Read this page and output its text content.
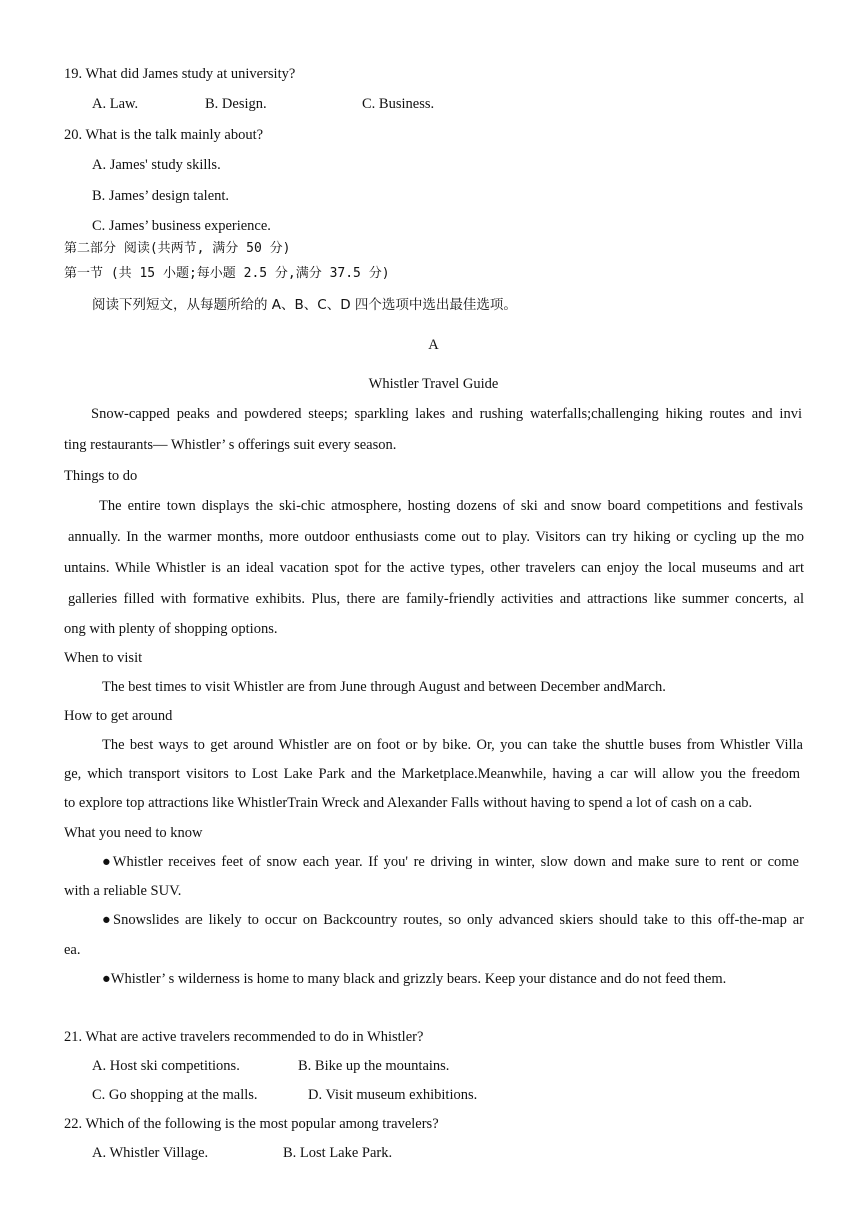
19. What did James study at university?
A. Law.	B. Design.	C. Business.
20. What is the talk mainly about?
A. James' study skills.
B. James’ design talent.
C. James’ business experience.
第二部分 阅读(共两节, 满分 50 分)
第一节 (共 15 小题;每小题 2.5 分,满分 37.5 分)
阅读下列短文，从每题所给的 A、B、C、D 四个选项中选出最佳选项。
A
Whistler Travel Guide
Snow-capped peaks and powdered steeps; sparkling lakes and rushing waterfalls;challenging hiking routes and invi
ting restaurants— Whistler’ s offerings suit every season.
Things to do
The entire town displays the ski-chic atmosphere, hosting dozens of ski and snow board competitions and festivals
annually. In the warmer months, more outdoor enthusiasts come out to play. Visitors can try hiking or cycling up the mo
untains. While Whistler is an ideal vacation spot for the active types, other travelers can enjoy the local museums and art
galleries filled with formative exhibits. Plus, there are family-friendly activities and attractions like summer concerts, al
ong with plenty of shopping options.
When to visit
The best times to visit Whistler are from June through August and between December andMarch.
How to get around
The best ways to get around Whistler are on foot or by bike. Or, you can take the shuttle buses from Whistler Villa
ge, which transport visitors to Lost Lake Park and the Marketplace.Meanwhile, having a car will allow you the freedom
to explore top attractions like WhistlerTrain Wreck and Alexander Falls without having to spend a lot of cash on a cab.
What you need to know
●Whistler receives feet of snow each year. If you' re driving in winter, slow down and make sure to rent or come
with a reliable SUV.
●Snowslides are likely to occur on Backcountry routes, so only advanced skiers should take to this off-the-map ar
ea.
●Whistler’ s wilderness is home to many black and grizzly bears. Keep your distance and do not feed them.
21. What are active travelers recommended to do in Whistler?
A. Host ski competitions.	B. Bike up the mountains.
C. Go shopping at the malls.	D. Visit museum exhibitions.
22. Which of the following is the most popular among travelers?
A. Whistler Village.	B. Lost Lake Park.
